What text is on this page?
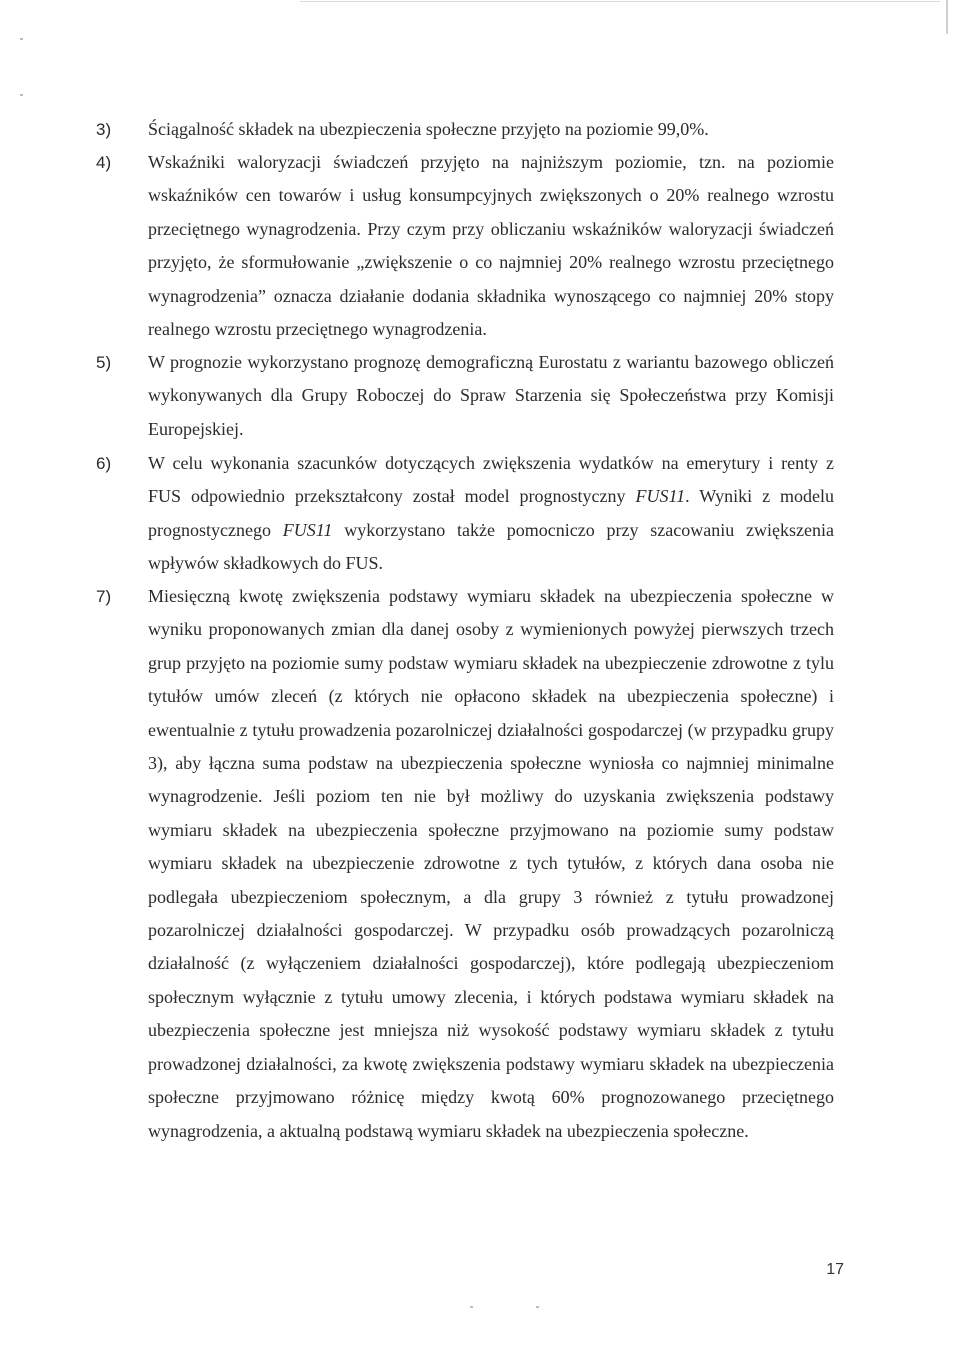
3) Ściągalność składek na ubezpieczenia społeczne przyjęto na poziomie 99,0%.

4) Wskaźniki waloryzacji świadczeń przyjęto na najniższym poziomie, tzn. na poziomie wskaźników cen towarów i usług konsumpcyjnych zwiększonych o 20% realnego wzrostu przeciętnego wynagrodzenia. Przy czym przy obliczaniu wskaźników waloryzacji świadczeń przyjęto, że sformułowanie „zwiększenie o co najmniej 20% realnego wzrostu przeciętnego wynagrodzenia” oznacza działanie dodania składnika wynoszącego co najmniej 20% stopy realnego wzrostu przeciętnego wynagrodzenia.

5) W prognozie wykorzystano prognozę demograficzną Eurostatu z wariantu bazowego obliczeń wykonywanych dla Grupy Roboczej do Spraw Starzenia się Społeczeństwa przy Komisji Europejskiej.

6) W celu wykonania szacunków dotyczących zwiększenia wydatków na emerytury i renty z FUS odpowiednio przekształcony został model prognostyczny FUS11. Wyniki z modelu prognostycznego FUS11 wykorzystano także pomocniczo przy szacowaniu zwiększenia wpływów składkowych do FUS.

7) Miesięczną kwotę zwiększenia podstawy wymiaru składek na ubezpieczenia społeczne w wyniku proponowanych zmian dla danej osoby z wymienionych powyżej pierwszych trzech grup przyjęto na poziomie sumy podstaw wymiaru składek na ubezpieczenie zdrowotne z tylu tytułów umów zleceń (z których nie opłacono składek na ubezpieczenia społeczne) i ewentualnie z tytułu prowadzenia pozarolniczej działalności gospodarczej (w przypadku grupy 3), aby łączna suma podstaw na ubezpieczenia społeczne wyniosła co najmniej minimalne wynagrodzenie. Jeśli poziom ten nie był możliwy do uzyskania zwiększenia podstawy wymiaru składek na ubezpieczenia społeczne przyjmowano na poziomie sumy podstaw wymiaru składek na ubezpieczenie zdrowotne z tych tytułów, z których dana osoba nie podlegała ubezpieczeniom społecznym, a dla grupy 3 również z tytułu prowadzonej pozarolniczej działalności gospodarczej. W przypadku osób prowadzących pozarolniczą działalność (z wyłączeniem działalności gospodarczej), które podlegają ubezpieczeniom społecznym wyłącznie z tytułu umowy zlecenia, i których podstawa wymiaru składek na ubezpieczenia społeczne jest mniejsza niż wysokość podstawy wymiaru składek z tytułu prowadzonej działalności, za kwotę zwiększenia podstawy wymiaru składek na ubezpieczenia społeczne przyjmowano różnicę między kwotą 60% prognozowanego przeciętnego wynagrodzenia, a aktualną podstawą wymiaru składek na ubezpieczenia społeczne.

17
